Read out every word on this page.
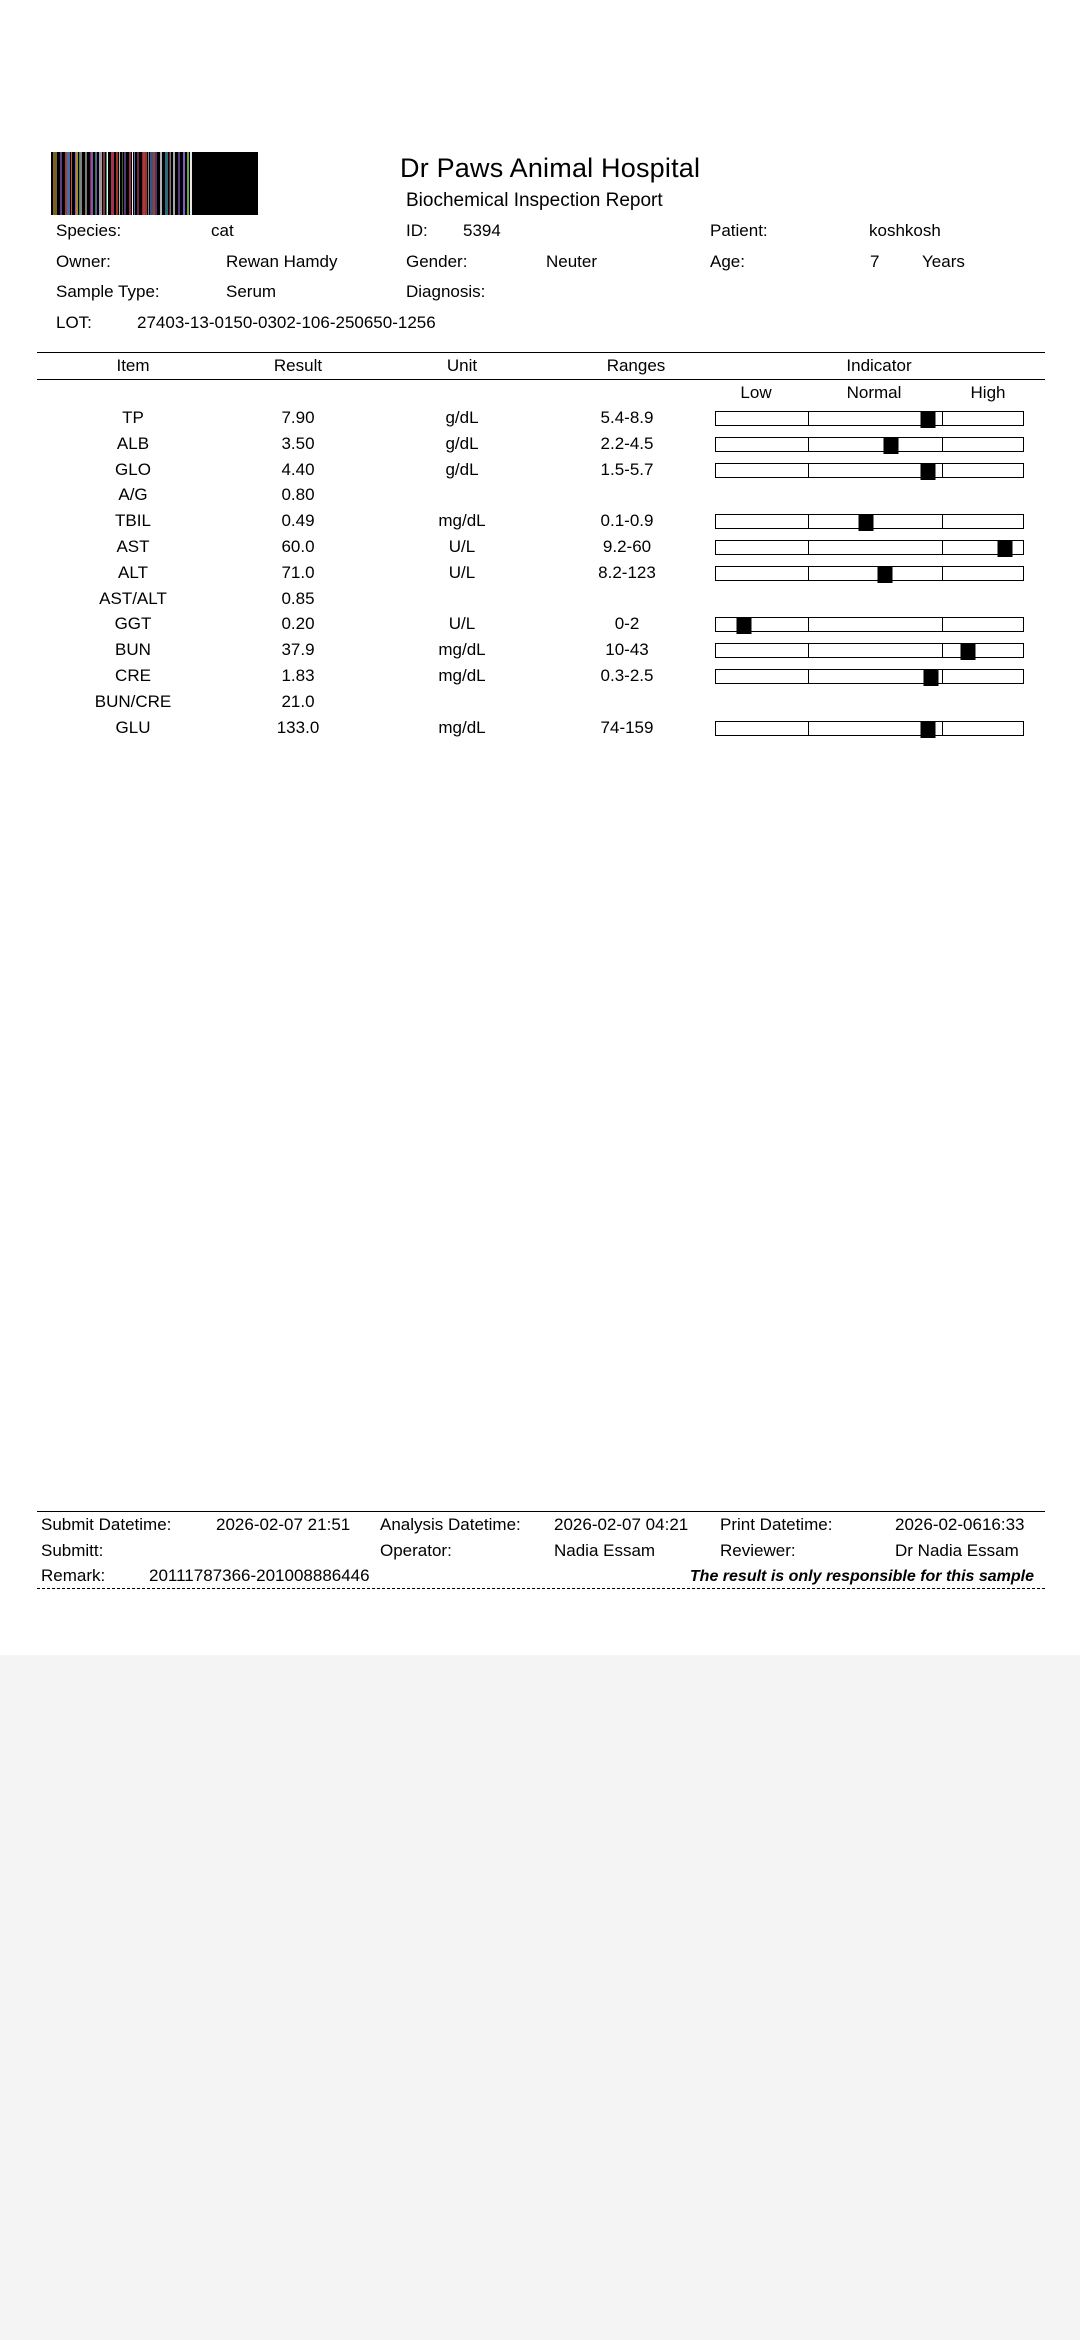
Dr Paws Animal Hospital
Biochemical Inspection Report
Species:	cat	ID: 5394	Patient:	koshkosh
Owner:	Rewan Hamdy	Gender:	Neuter	Age:	7	Years
Sample Type:	Serum	Diagnosis:
LOT:	27403-13-0150-0302-106-250650-1256
Item	Result	Unit	Ranges	Indicator
Low	Normal	High
TP	7.90	g/dL	5.4-8.9
ALB	3.50	g/dL	2.2-4.5
GLO	4.40	g/dL	1.5-5.7
A/G	0.80
TBIL	0.49	mg/dL	0.1-0.9
AST	60.0	U/L	9.2-60
ALT	71.0	U/L	8.2-123
AST/ALT	0.85
GGT	0.20	U/L	0-2
BUN	37.9	mg/dL	10-43
CRE	1.83	mg/dL	0.3-2.5
BUN/CRE	21.0
GLU	133.0	mg/dL	74-159
Submit Datetime:	2026-02-07 21:51 Analysis Datetime: 2026-02-07 04:21 Print Datetime:	2026-02-0616:33
Submitt:	Operator:	Nadia Essam	Reviewer:	Dr Nadia Essam
Remark:	20111787366-201008886446	The result is only responsible for this sample
